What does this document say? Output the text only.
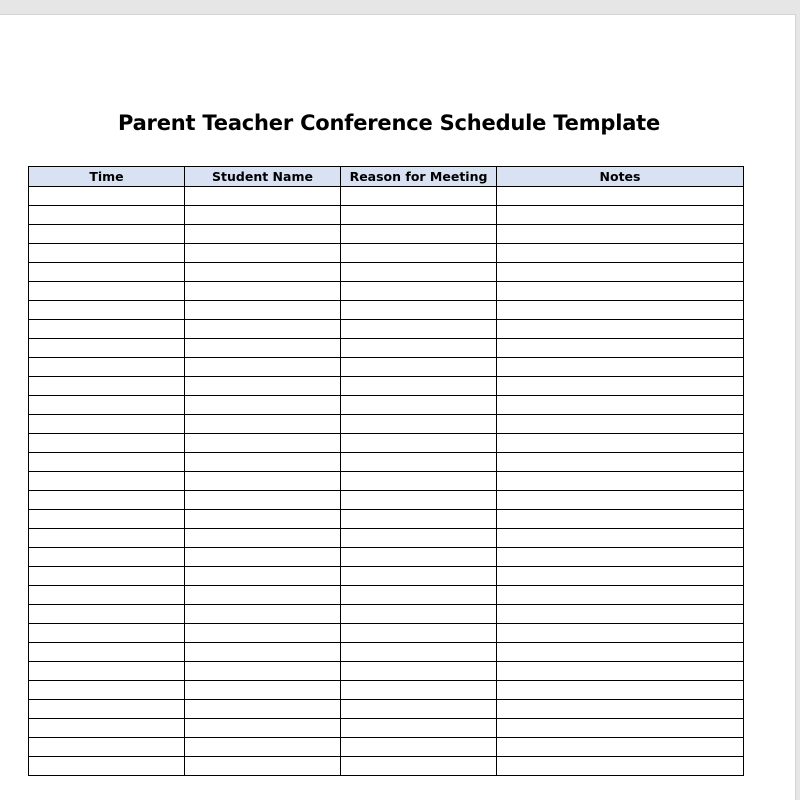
Parent Teacher Conference Schedule Template
Time	Student Name	Reason for Meeting	Notes
